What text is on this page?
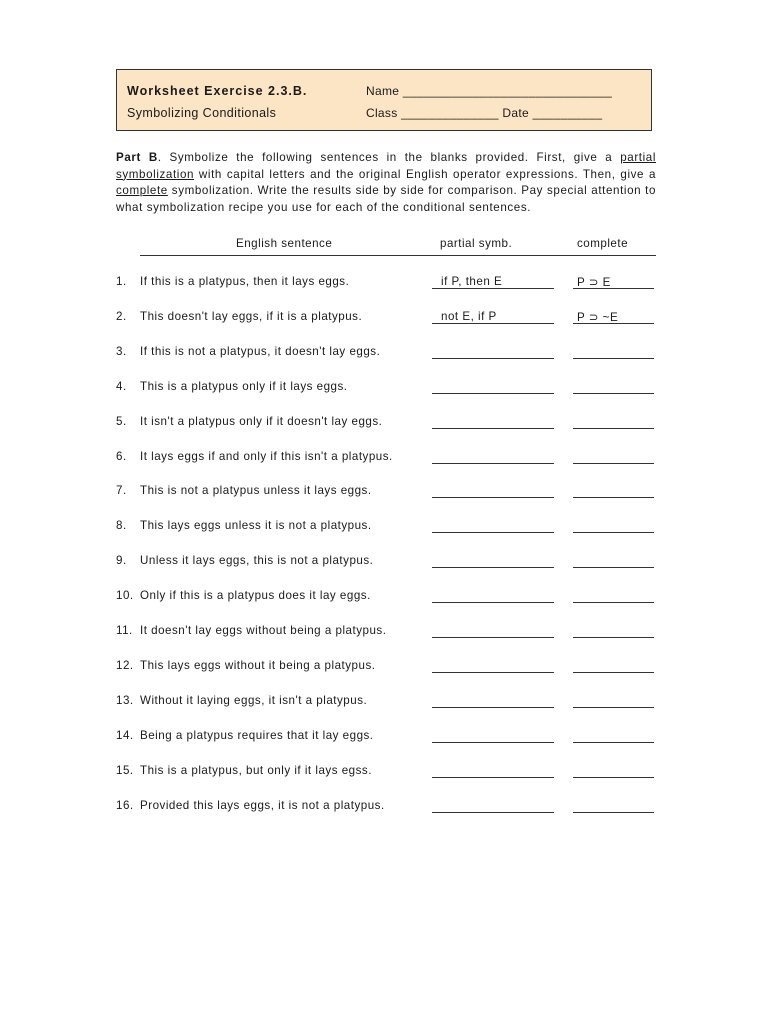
Worksheet Exercise 2.3.B.
Symbolizing Conditionals
Name ______________________________
Class ______________ Date __________
Part B. Symbolize the following sentences in the blanks provided. First, give a partial symbolization with capital letters and the original English operator expressions. Then, give a complete symbolization. Write the results side by side for comparison. Pay special attention to what symbolization recipe you use for each of the conditional sentences.
English sentence	partial symb.	complete
1. If this is a platypus, then it lays eggs.	if P, then E	P ⊃ E
2. This doesn't lay eggs, if it is a platypus.	not E, if P	P ⊃ ~E
3. If this is not a platypus, it doesn't lay eggs.
4. This is a platypus only if it lays eggs.
5. It isn't a platypus only if it doesn't lay eggs.
6. It lays eggs if and only if this isn't a platypus.
7. This is not a platypus unless it lays eggs.
8. This lays eggs unless it is not a platypus.
9. Unless it lays eggs, this is not a platypus.
10. Only if this is a platypus does it lay eggs.
11. It doesn't lay eggs without being a platypus.
12. This lays eggs without it being a platypus.
13. Without it laying eggs, it isn't a platypus.
14. Being a platypus requires that it lay eggs.
15. This is a platypus, but only if it lays egss.
16. Provided this lays eggs, it is not a platypus.
